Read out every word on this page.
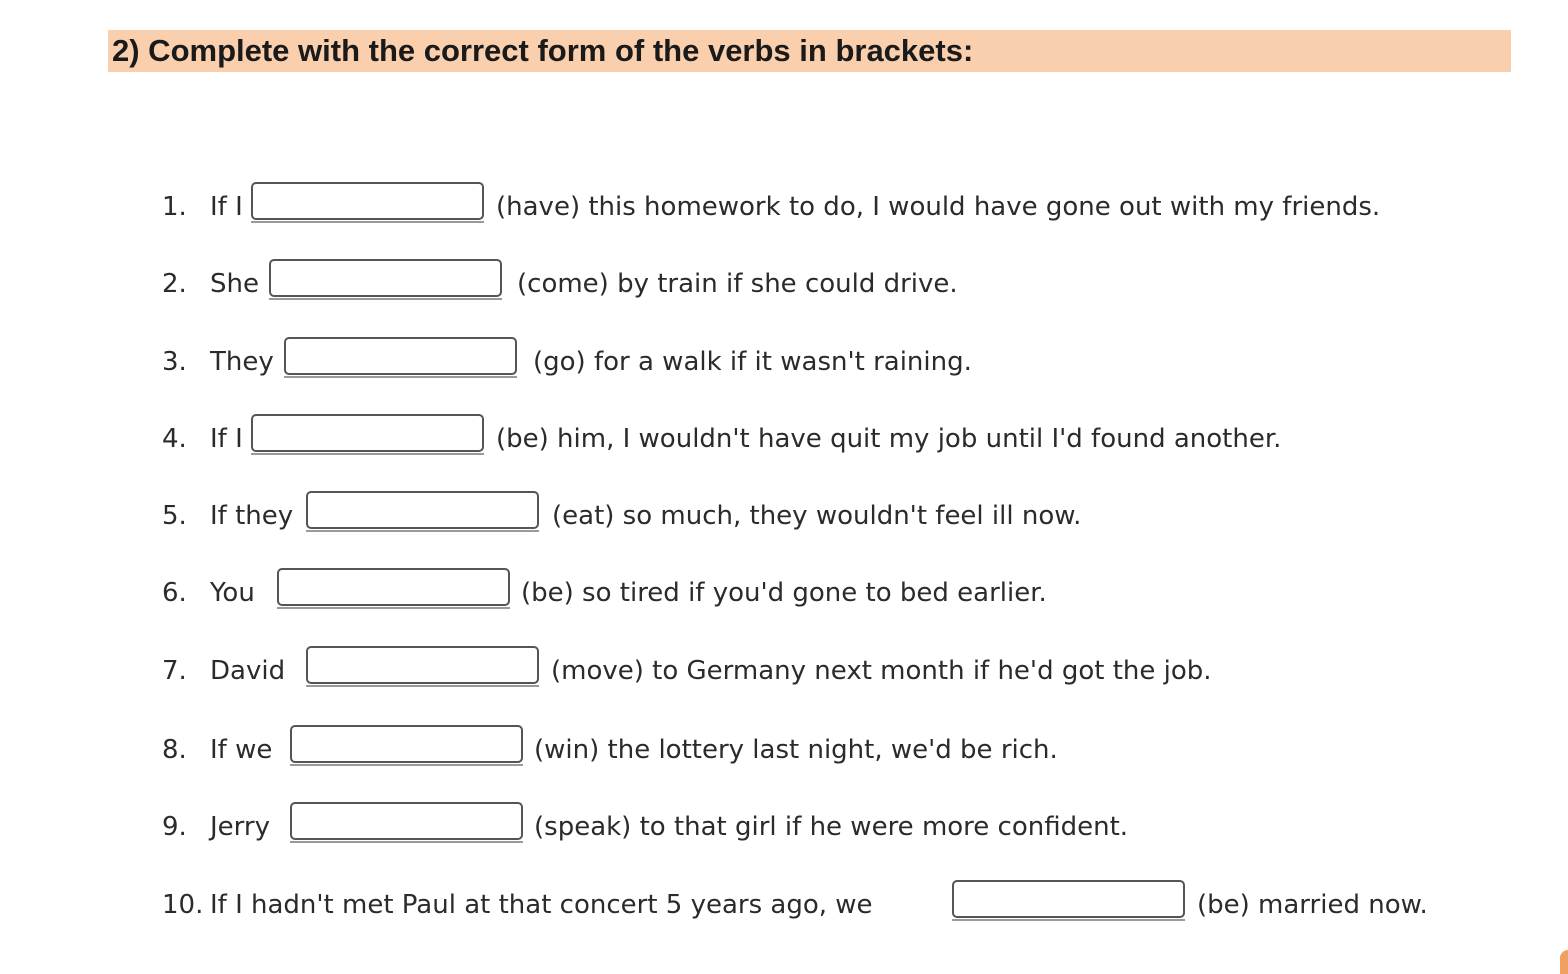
2) Complete with the correct form of the verbs in brackets:
1. If I	(have) this homework to do, I would have gone out with my friends.
2. She	(come) by train if she could drive.
3. They	(go) for a walk if it wasn't raining.
4. If I	(be) him, I wouldn't have quit my job until I'd found another.
5. If they	(eat) so much, they wouldn't feel ill now.
6. You	(be) so tired if you'd gone to bed earlier.
7. David	(move) to Germany next month if he'd got the job.
8. If we	(win) the lottery last night, we'd be rich.
9. Jerry	(speak) to that girl if he were more confident.
10. If I hadn't met Paul at that concert 5 years ago, we	(be) married now.
